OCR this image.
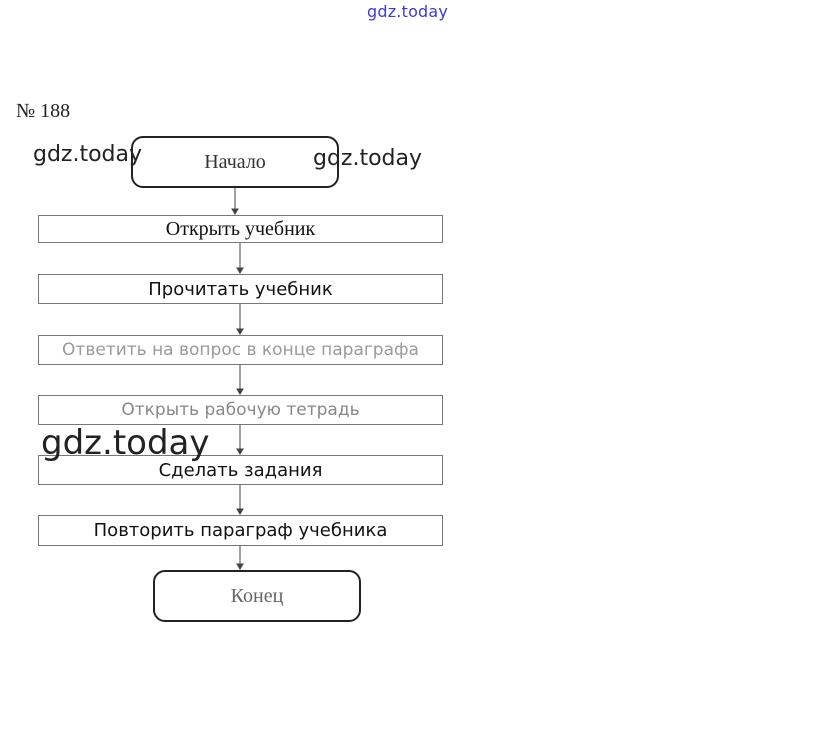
gdz.today
№ 188
Начало
Открыть учебник
Прочитать учебник
Ответить на вопрос в конце параграфа
Открыть рабочую тетрадь
Сделать задания
Повторить параграф учебника
Конец
gdz.today	gdz.today
gdz.today
